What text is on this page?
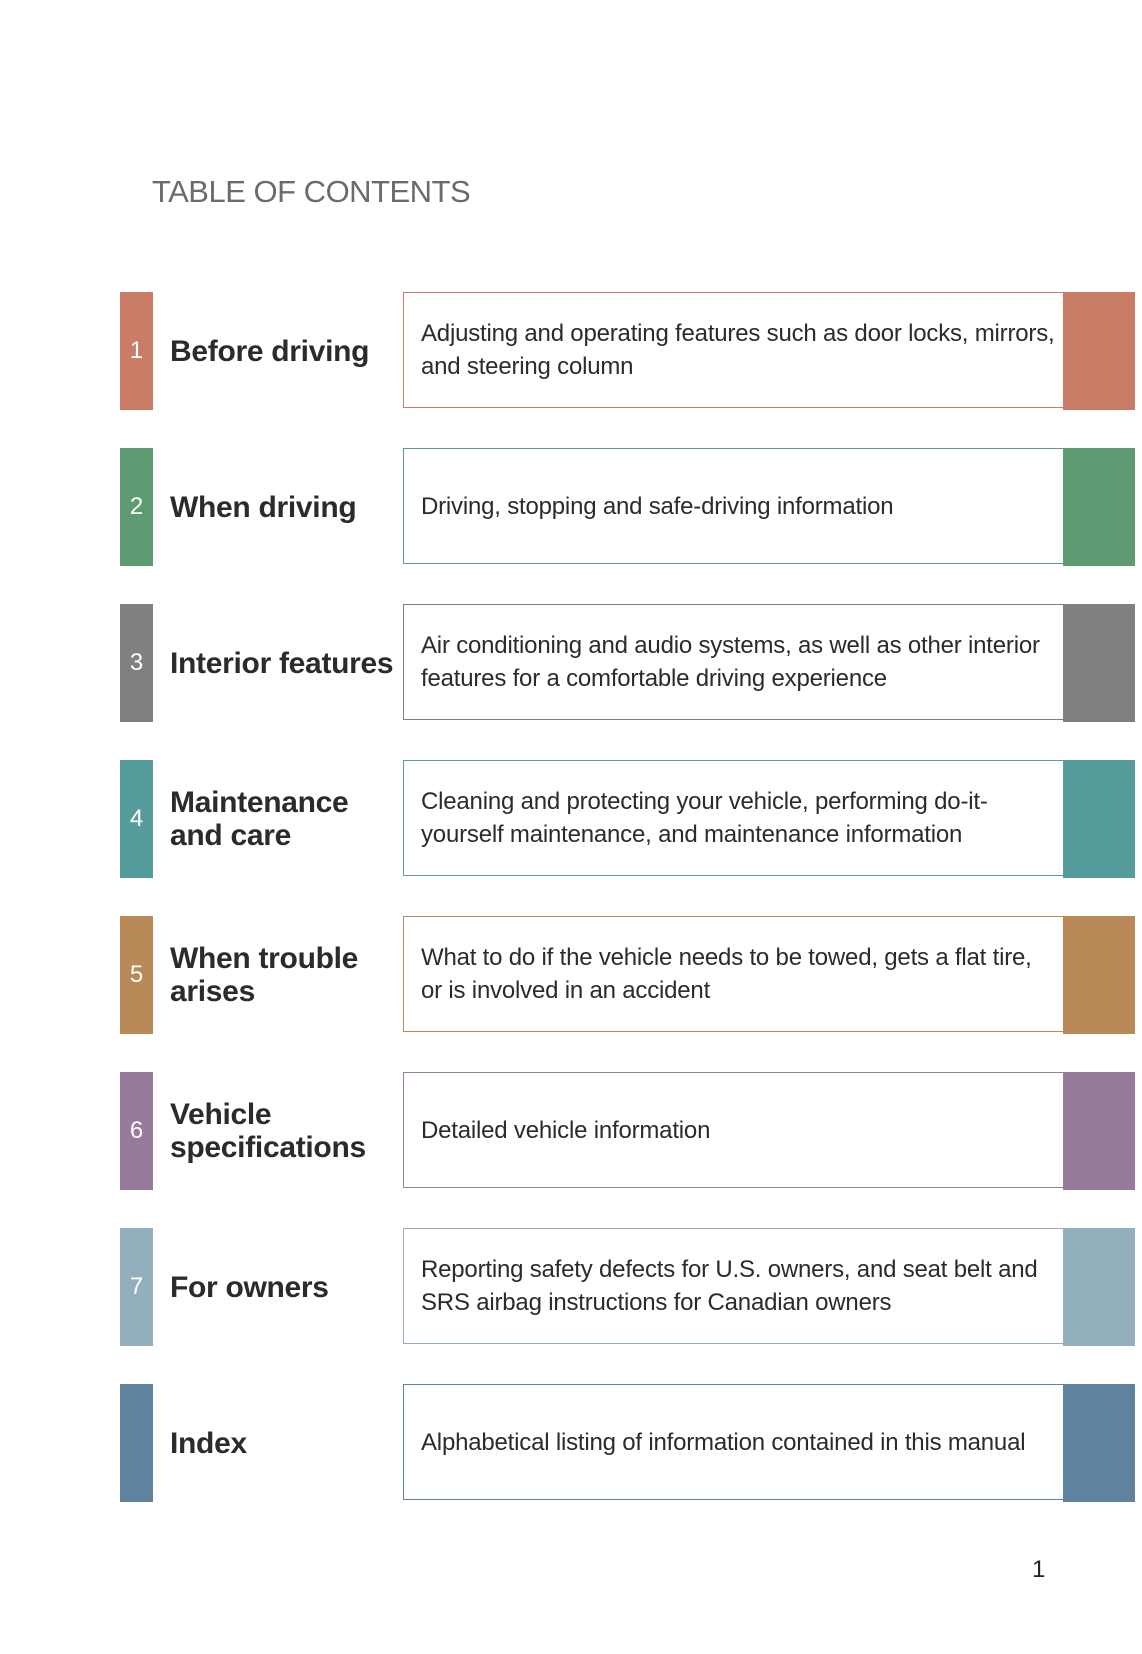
TABLE OF CONTENTS
1 Before driving
Adjusting and operating features such as door locks, mirrors, and steering column
2 When driving	Driving, stopping and safe-driving information
3 Interior features
Air conditioning and audio systems, as well as other interior features for a comfortable driving experience
4 Maintenance
and care
Cleaning and protecting your vehicle, performing do-it-yourself maintenance, and maintenance information
5 When trouble
arises
What to do if the vehicle needs to be towed, gets a flat tire, or is involved in an accident
6 Vehicle
specifications
Detailed vehicle information
7 For owners
Reporting safety defects for U.S. owners, and seat belt and SRS airbag instructions for Canadian owners
Index	Alphabetical listing of information contained in this manual
1
